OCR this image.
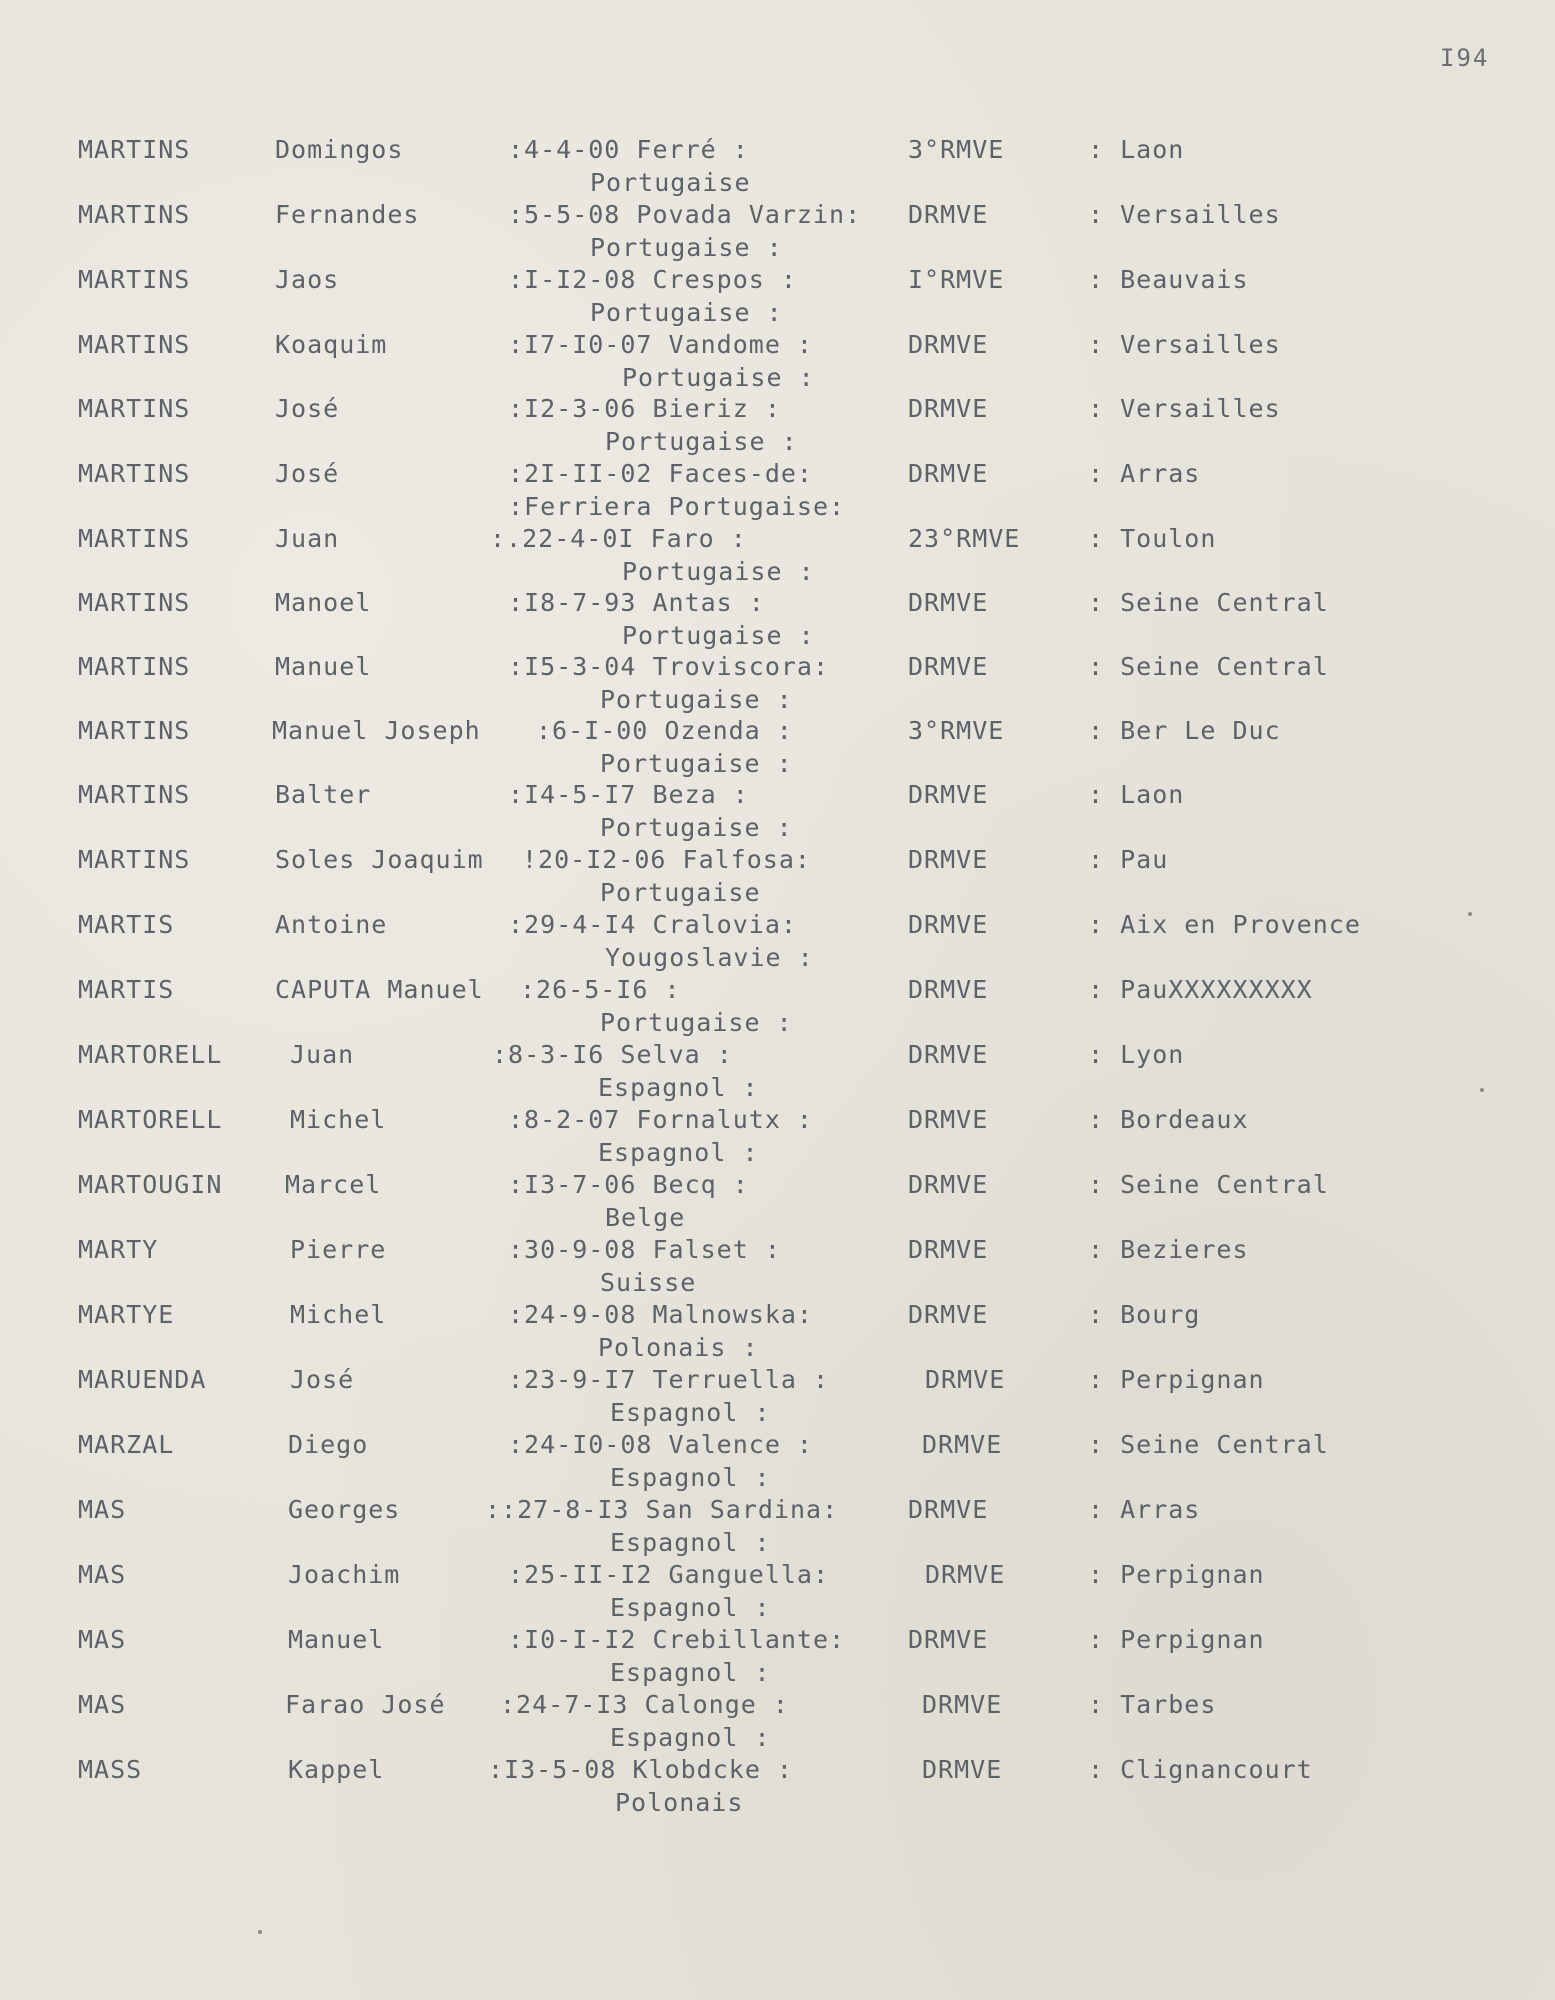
I94
MARTINS	Domingos	:4-4-00 Ferré :	3°RMVE	: Laon
Portugaise
MARTINS	Fernandes	:5-5-08 Povada Varzin: DRMVE	: Versailles
Portugaise :
MARTINS	Jaos	:I-I2-08 Crespos :	I°RMVE	: Beauvais
Portugaise :
MARTINS	Koaquim	:I7-I0-07 Vandome :	DRMVE	: Versailles
Portugaise :
MARTINS	José	:I2-3-06 Bieriz :	DRMVE	: Versailles
Portugaise :
MARTINS	José	:2I-II-02 Faces-de:	DRMVE	: Arras
:Ferriera Portugaise:
MARTINS	Juan	:.22-4-0I Faro :	23°RMVE	: Toulon
Portugaise :
MARTINS	Manoel	:I8-7-93 Antas :	DRMVE	: Seine Central
Portugaise :
MARTINS	Manuel	:I5-3-04 Troviscora:	DRMVE	: Seine Central
Portugaise :
MARTINS	Manuel Joseph :6-I-00 Ozenda :	3°RMVE	: Ber Le Duc
Portugaise :
MARTINS	Balter	:I4-5-I7 Beza :	DRMVE	: Laon
Portugaise :
MARTINS	Soles Joaquim !20-I2-06 Falfosa:	DRMVE	: Pau
Portugaise
MARTIS	Antoine	:29-4-I4 Cralovia:	DRMVE	: Aix en Provence
Yougoslavie :
MARTIS	CAPUTA Manuel :26-5-I6 :	DRMVE	: PauXXXXXXXXX
Portugaise :
MARTORELL	Juan	:8-3-I6 Selva :	DRMVE	: Lyon
Espagnol :
MARTORELL	Michel	:8-2-07 Fornalutx :	DRMVE	: Bordeaux
Espagnol :
MARTOUGIN	Marcel	:I3-7-06 Becq :	DRMVE	: Seine Central
Belge
MARTY	Pierre	:30-9-08 Falset :	DRMVE	: Bezieres
Suisse
MARTYE	Michel	:24-9-08 Malnowska:	DRMVE	: Bourg
Polonais :
MARUENDA	José	:23-9-I7 Terruella :	DRMVE	: Perpignan
Espagnol :
MARZAL	Diego	:24-I0-08 Valence :	DRMVE	: Seine Central
Espagnol :
MAS	Georges	::27-8-I3 San Sardina:	DRMVE	: Arras
Espagnol :
MAS	Joachim	:25-II-I2 Ganguella:	DRMVE	: Perpignan
Espagnol :
MAS	Manuel	:I0-I-I2 Crebillante:	DRMVE	: Perpignan
Espagnol :
MAS	Farao José :24-7-I3 Calonge :	DRMVE	: Tarbes
Espagnol :
MASS	Kappel	:I3-5-08 Klobdcke :	DRMVE	: Clignancourt
Polonais
